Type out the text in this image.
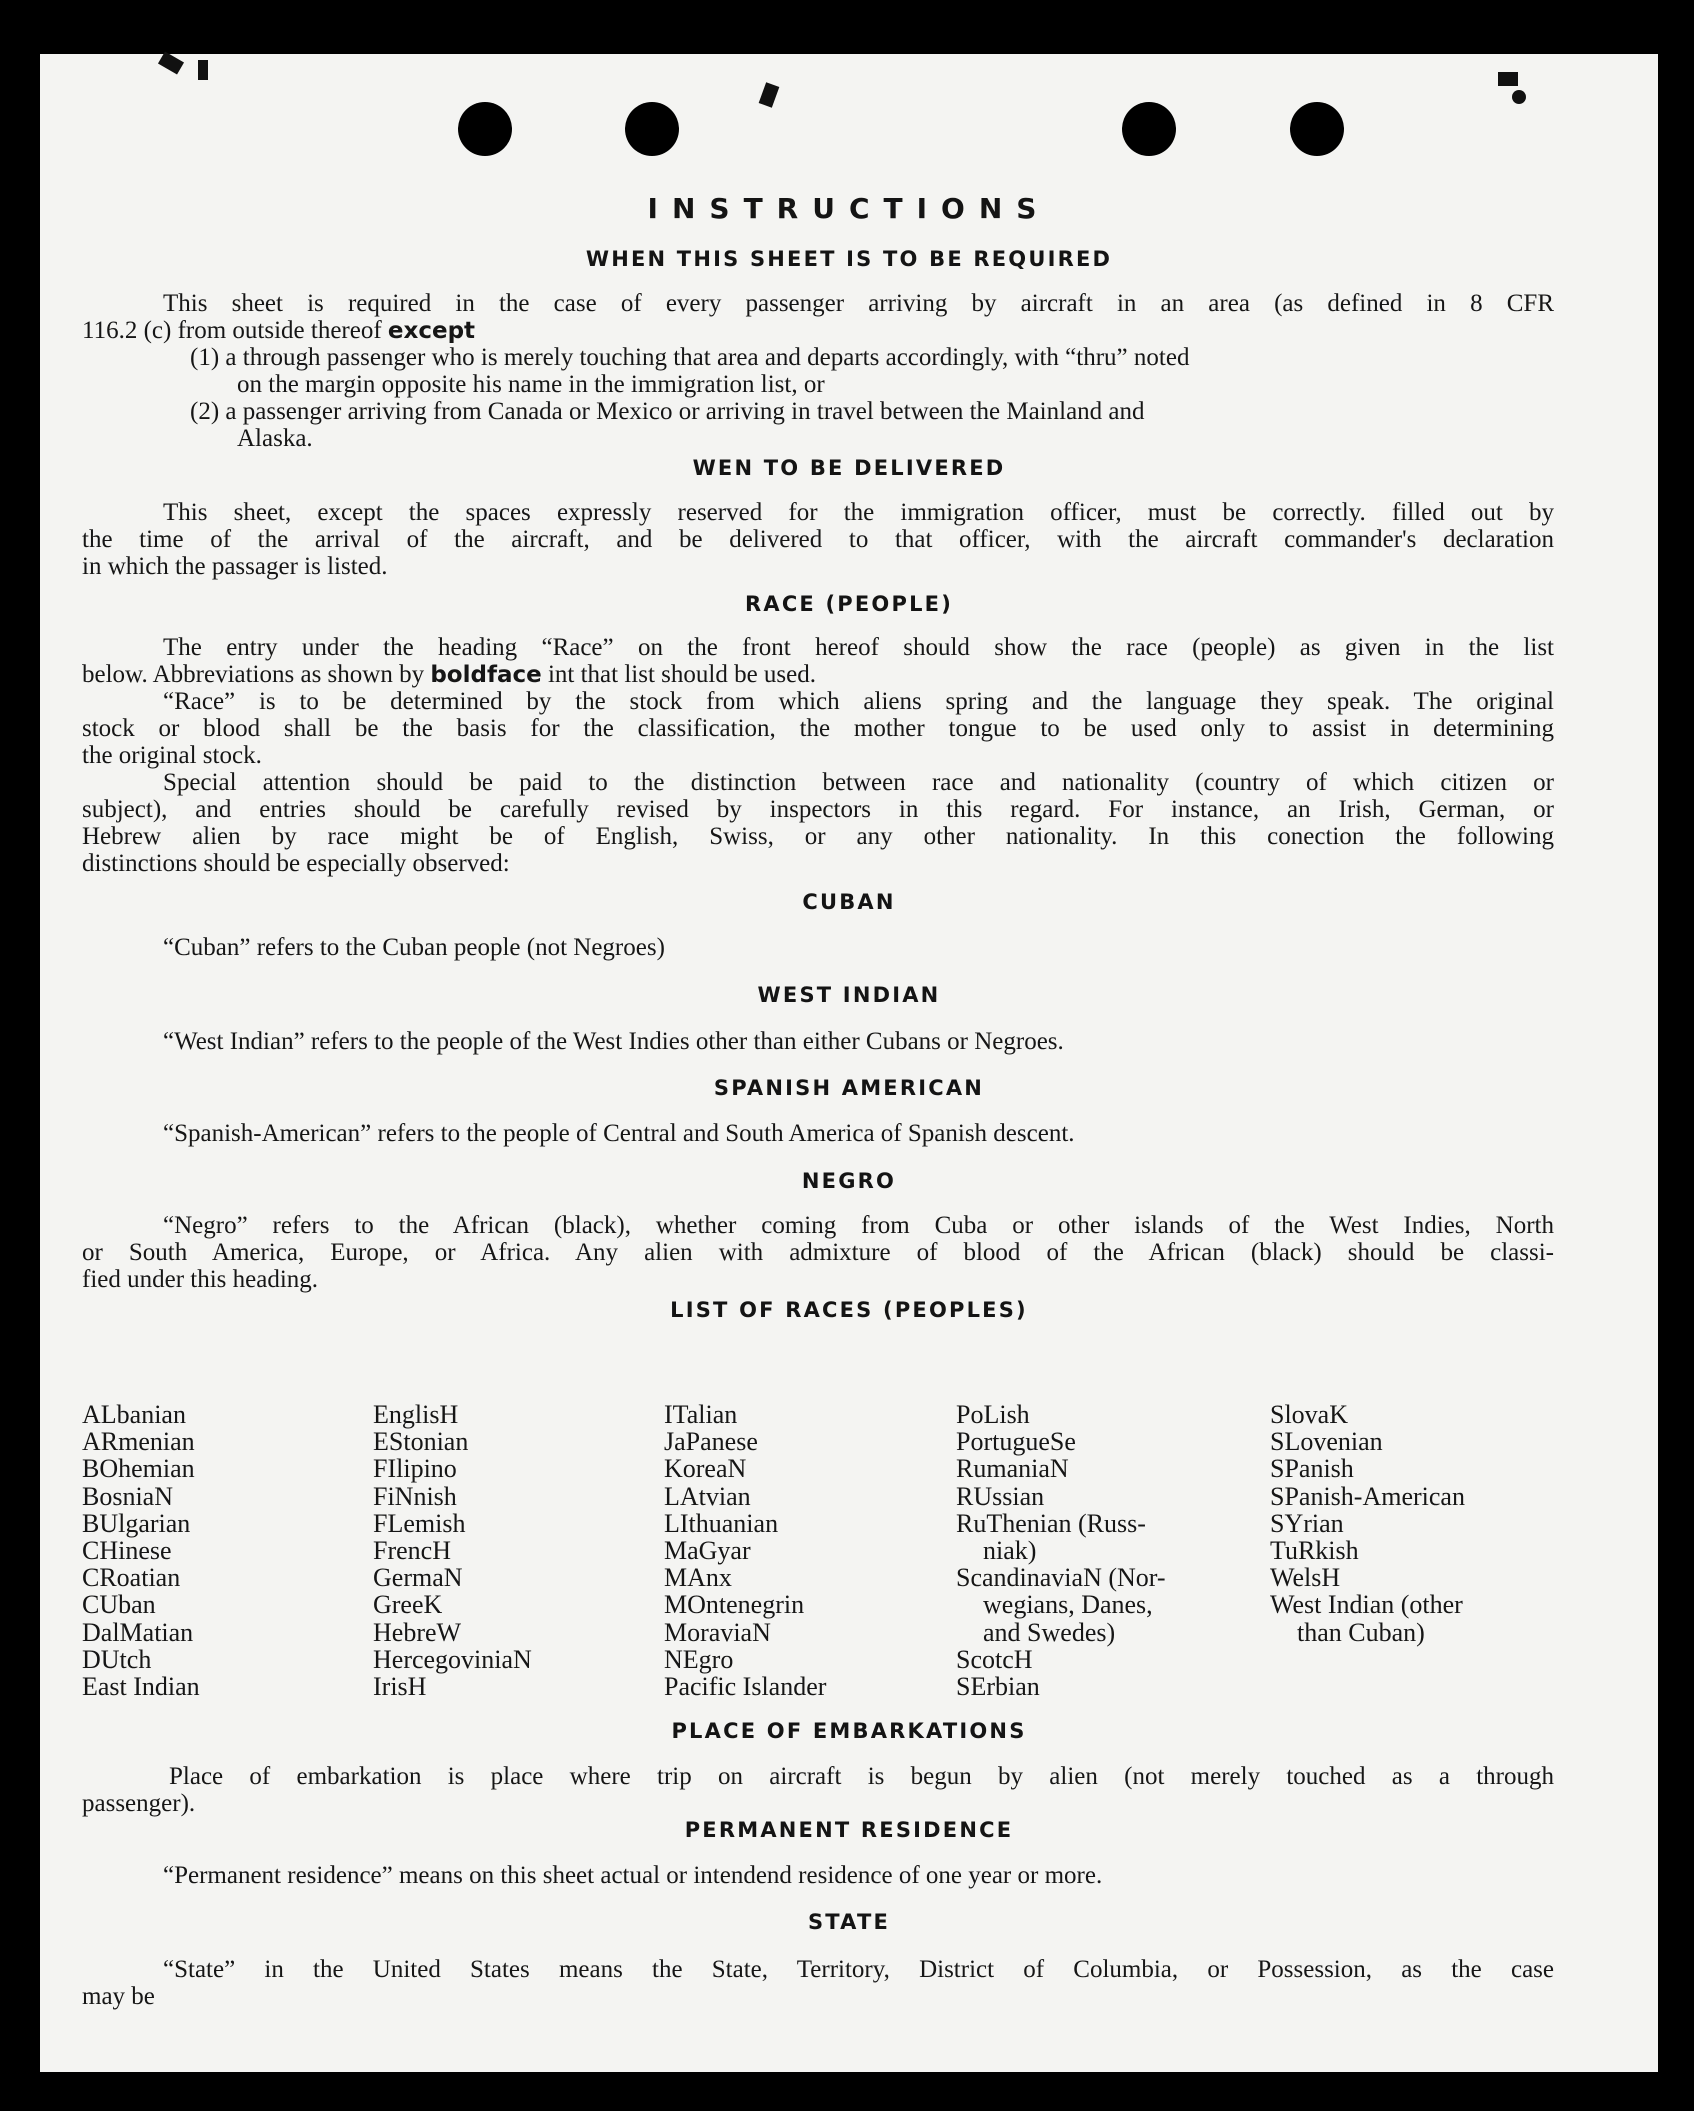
INSTRUCTIONS
WHEN THIS SHEET IS TO BE REQUIRED

This sheet is required in the case of every passenger arriving by aircraft in an area (as defined in 8 CFR

116.2 (c) from outside thereof except

(1) a through passenger who is merely touching that area and departs accordingly, with “thru” noted

on the margin opposite his name in the immigration list, or

(2) a passenger arriving from Canada or Mexico or arriving in travel between the Mainland and

Alaska.

WEN TO BE DELIVERED

This sheet, except the spaces expressly reserved for the immigration officer, must be correctly. filled out by

the time of the arrival of the aircraft, and be delivered to that officer, with the aircraft commander's declaration

in which the passager is listed.

RACE (PEOPLE)

The entry under the heading “Race” on the front hereof should show the race (people) as given in the list

below. Abbreviations as shown by boldface int that list should be used.

“Race” is to be determined by the stock from which aliens spring and the language they speak. The original

stock or blood shall be the basis for the classification, the mother tongue to be used only to assist in determining

the original stock.

Special attention should be paid to the distinction between race and nationality (country of which citizen or

subject), and entries should be carefully revised by inspectors in this regard. For instance, an Irish, German, or

Hebrew alien by race might be of English, Swiss, or any other nationality. In this conection the following

distinctions should be especially observed:

CUBAN

“Cuban” refers to the Cuban people (not Negroes)

WEST INDIAN

“West Indian” refers to the people of the West Indies other than either Cubans or Negroes.

SPANISH AMERICAN

“Spanish-American” refers to the people of Central and South America of Spanish descent.

NEGRO

“Negro” refers to the African (black), whether coming from Cuba or other islands of the West Indies, North

or South America, Europe, or Africa. Any alien with admixture of blood of the African (black) should be classi-

fied under this heading.

LIST OF RACES (PEOPLES)
ALbanian
ARmenian
BOhemian
BosniaN
BUlgarian
CHinese
CRoatian
CUban
DalMatian
DUtch
East Indian
EnglisH
EStonian
FIlipino
FiNnish
FLemish
FrencH
GermaN
GreeK
HebreW
HercegoviniaN
IrisH
ITalian
JaPanese
KoreaN
LAtvian
LIthuanian
MaGyar
MAnx
MOntenegrin
MoraviaN
NEgro
Pacific Islander
PoLish
PortugueSe
RumaniaN
RUssian
RuThenian (Russ-
niak)
ScandinaviaN (Nor-
wegians, Danes,
and Swedes)
ScotcH
SErbian
SlovaK
SLovenian
SPanish
SPanish-American
SYrian
TuRkish
WelsH
West Indian (other
than Cuban)
PLACE OF EMBARKATIONS

Place of embarkation is place where trip on aircraft is begun by alien (not merely touched as a through

passenger).

PERMANENT RESIDENCE

“Permanent residence” means on this sheet actual or intendend residence of one year or more.

STATE

“State” in the United States means the State, Territory, District of Columbia, or Possession, as the case

may be
